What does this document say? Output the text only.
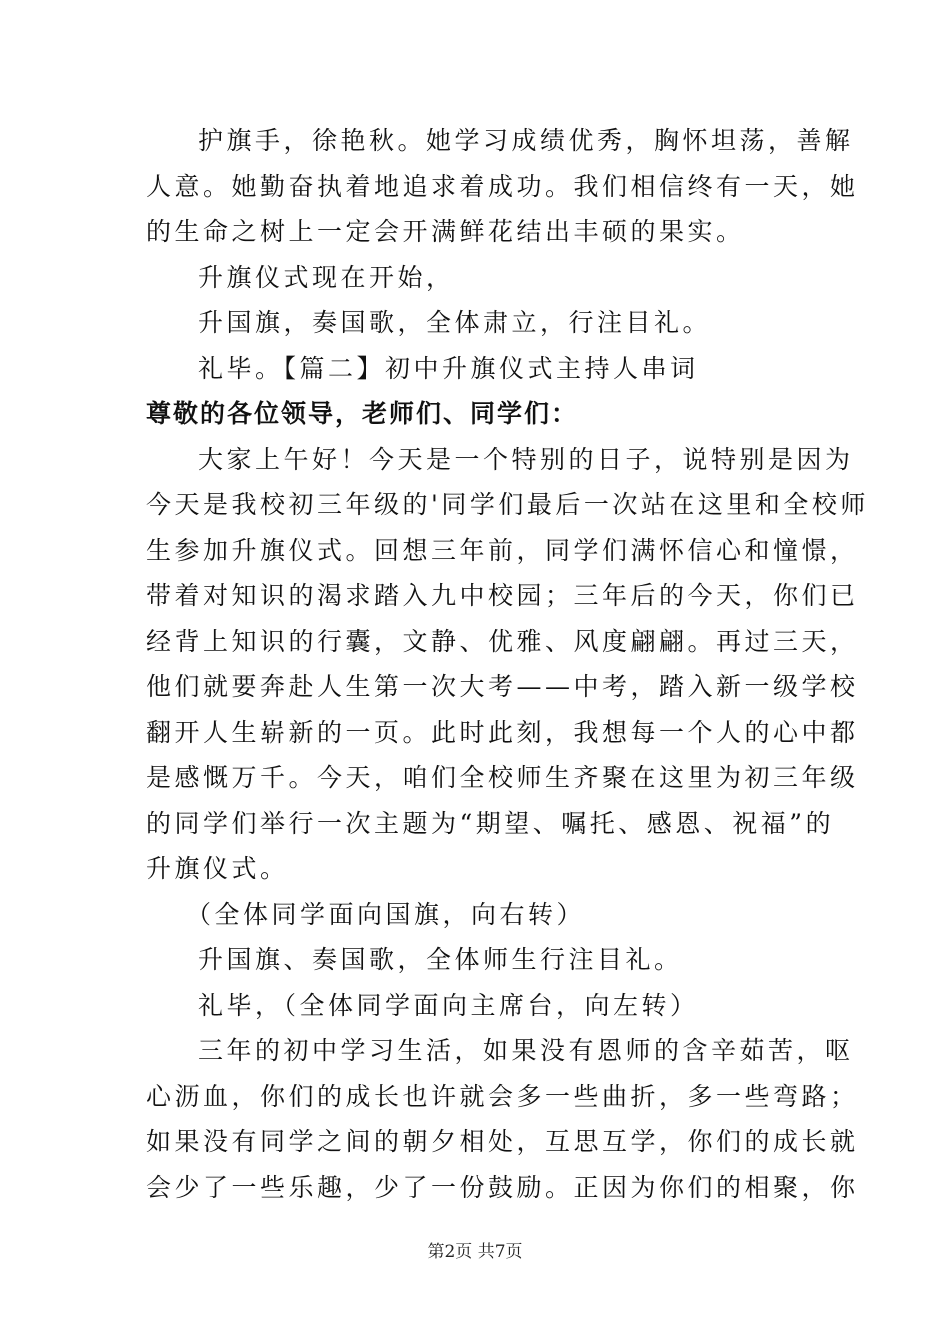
护旗手，徐艳秋。她学习成绩优秀，胸怀坦荡，善解
人意。她勤奋执着地追求着成功。我们相信终有一天，她
的生命之树上一定会开满鲜花结出丰硕的果实。
升旗仪式现在开始，
升国旗，奏国歌，全体肃立，行注目礼。
礼毕。【篇二】初中升旗仪式主持人串词
尊敬的各位领导，老师们、同学们：
大家上午好！今天是一个特别的日子，说特别是因为
今天是我校初三年级的'同学们最后一次站在这里和全校师
生参加升旗仪式。回想三年前，同学们满怀信心和憧憬，
带着对知识的渴求踏入九中校园；三年后的今天，你们已
经背上知识的行囊，文静、优雅、风度翩翩。再过三天，
他们就要奔赴人生第一次大考——中考，踏入新一级学校
翻开人生崭新的一页。此时此刻，我想每一个人的心中都
是感慨万千。今天，咱们全校师生齐聚在这里为初三年级
的同学们举行一次主题为“期望、嘱托、感恩、祝福”的
升旗仪式。
（全体同学面向国旗，向右转）
升国旗、奏国歌，全体师生行注目礼。
礼毕，（全体同学面向主席台，向左转）
三年的初中学习生活，如果没有恩师的含辛茹苦，呕
心沥血，你们的成长也许就会多一些曲折，多一些弯路；
如果没有同学之间的朝夕相处，互思互学，你们的成长就
会少了一些乐趣，少了一份鼓励。正因为你们的相聚，你
第2页 共7页
